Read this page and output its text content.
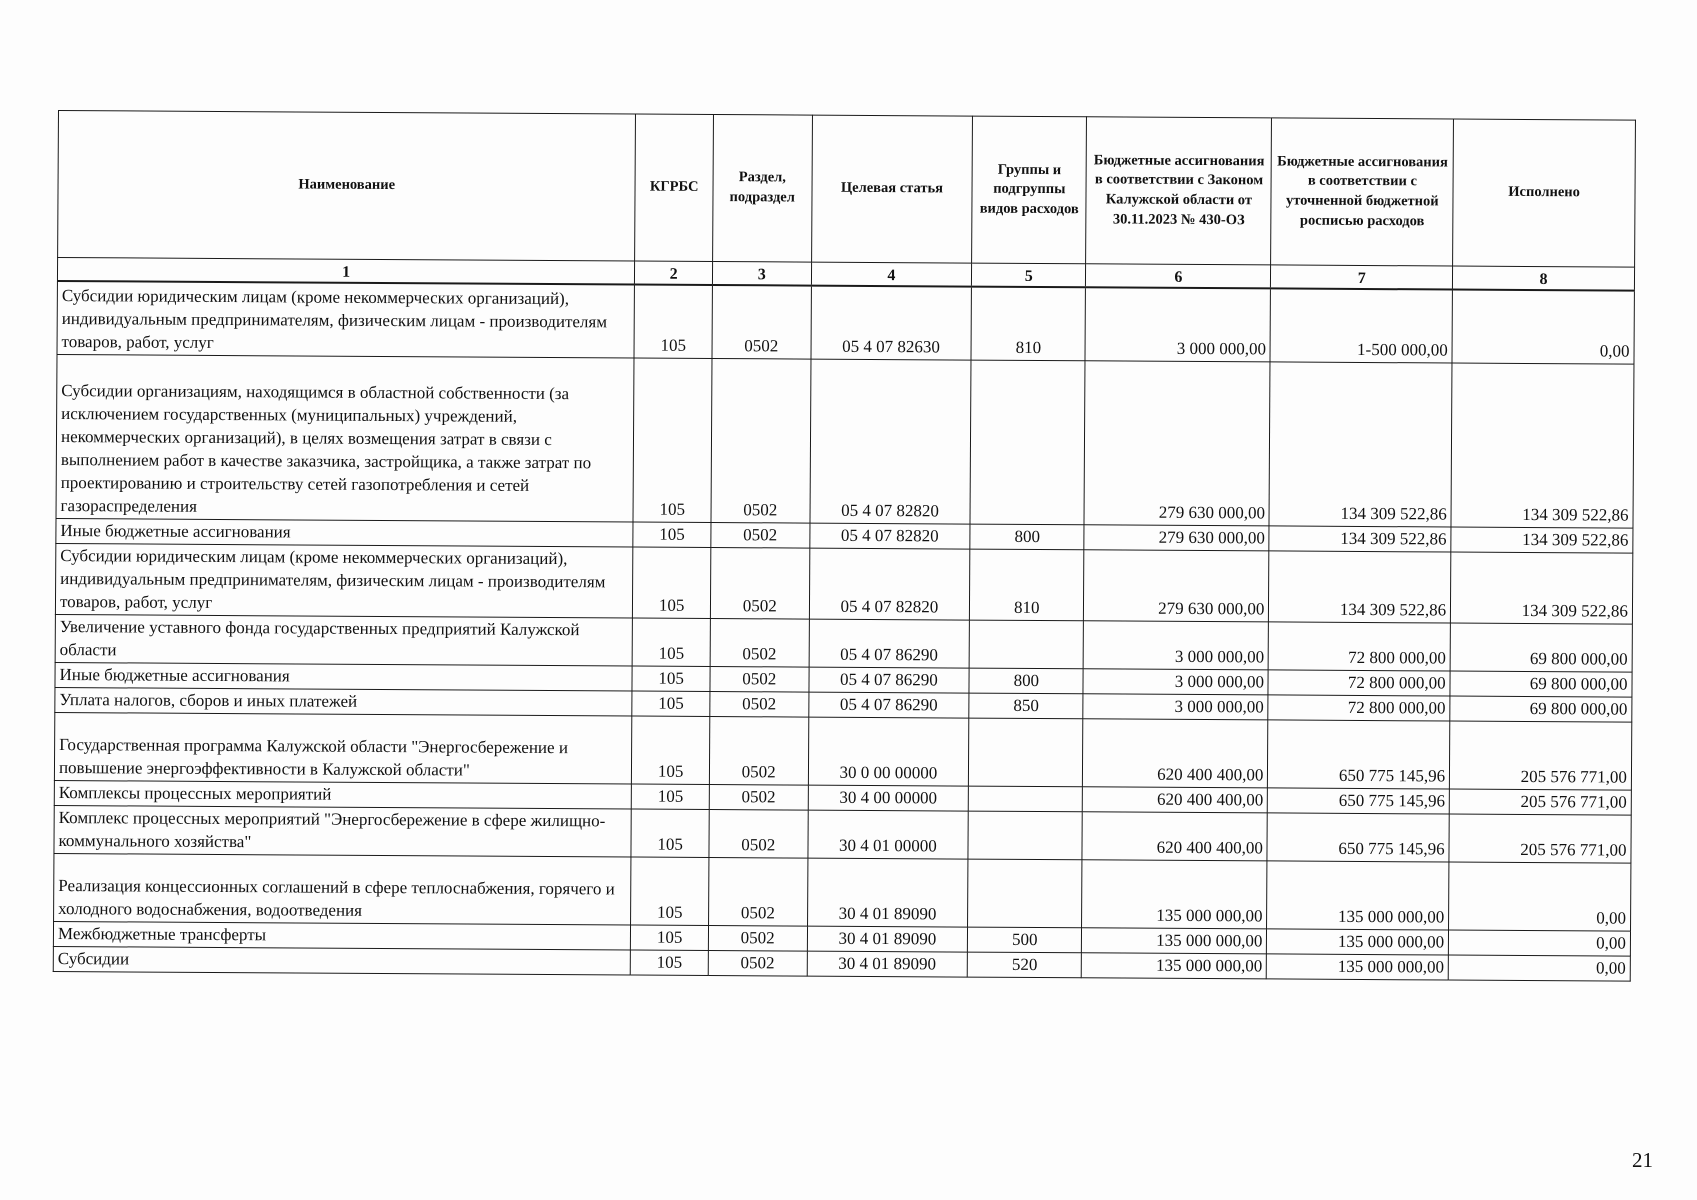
Наименование	КГРБС	Раздел, подраздел	Целевая статья	Группы и подгруппы видов расходов	Бюджетные ассигнования в соответствии с Законом Калужской области от 30.11.2023 № 430-ОЗ	Бюджетные ассигнования в соответствии с уточненной бюджетной росписью расходов	Исполнено
1	2	3	4	5	6	7	8
Субсидии юридическим лицам (кроме некоммерческих организаций), индивидуальным предпринимателям, физическим лицам - производителям товаров, работ, услуг	105	0502	05 4 07 82630	810	3 000 000,00	1-500 000,00	0,00
Субсидии организациям, находящимся в областной собственности (за исключением государственных (муниципальных) учреждений, некоммерческих организаций), в целях возмещения затрат в связи с выполнением работ в качестве заказчика, застройщика, а также затрат по проектированию и строительству сетей газопотребления и сетей газораспределения	105	0502	05 4 07 82820		279 630 000,00	134 309 522,86	134 309 522,86
Иные бюджетные ассигнования	105	0502	05 4 07 82820	800	279 630 000,00	134 309 522,86	134 309 522,86
Субсидии юридическим лицам (кроме некоммерческих организаций), индивидуальным предпринимателям, физическим лицам - производителям товаров, работ, услуг	105	0502	05 4 07 82820	810	279 630 000,00	134 309 522,86	134 309 522,86
Увеличение уставного фонда государственных предприятий Калужской области	105	0502	05 4 07 86290		3 000 000,00	72 800 000,00	69 800 000,00
Иные бюджетные ассигнования	105	0502	05 4 07 86290	800	3 000 000,00	72 800 000,00	69 800 000,00
Уплата налогов, сборов и иных платежей	105	0502	05 4 07 86290	850	3 000 000,00	72 800 000,00	69 800 000,00
Государственная программа Калужской области "Энергосбережение и повышение энергоэффективности в Калужской области"	105	0502	30 0 00 00000		620 400 400,00	650 775 145,96	205 576 771,00
Комплексы процессных мероприятий	105	0502	30 4 00 00000		620 400 400,00	650 775 145,96	205 576 771,00
Комплекс процессных мероприятий "Энергосбережение в сфере жилищно-коммунального хозяйства"	105	0502	30 4 01 00000		620 400 400,00	650 775 145,96	205 576 771,00
Реализация концессионных соглашений в сфере теплоснабжения, горячего и холодного водоснабжения, водоотведения	105	0502	30 4 01 89090		135 000 000,00	135 000 000,00	0,00
Межбюджетные трансферты	105	0502	30 4 01 89090	500	135 000 000,00	135 000 000,00	0,00
Субсидии	105	0502	30 4 01 89090	520	135 000 000,00	135 000 000,00	0,00
21
